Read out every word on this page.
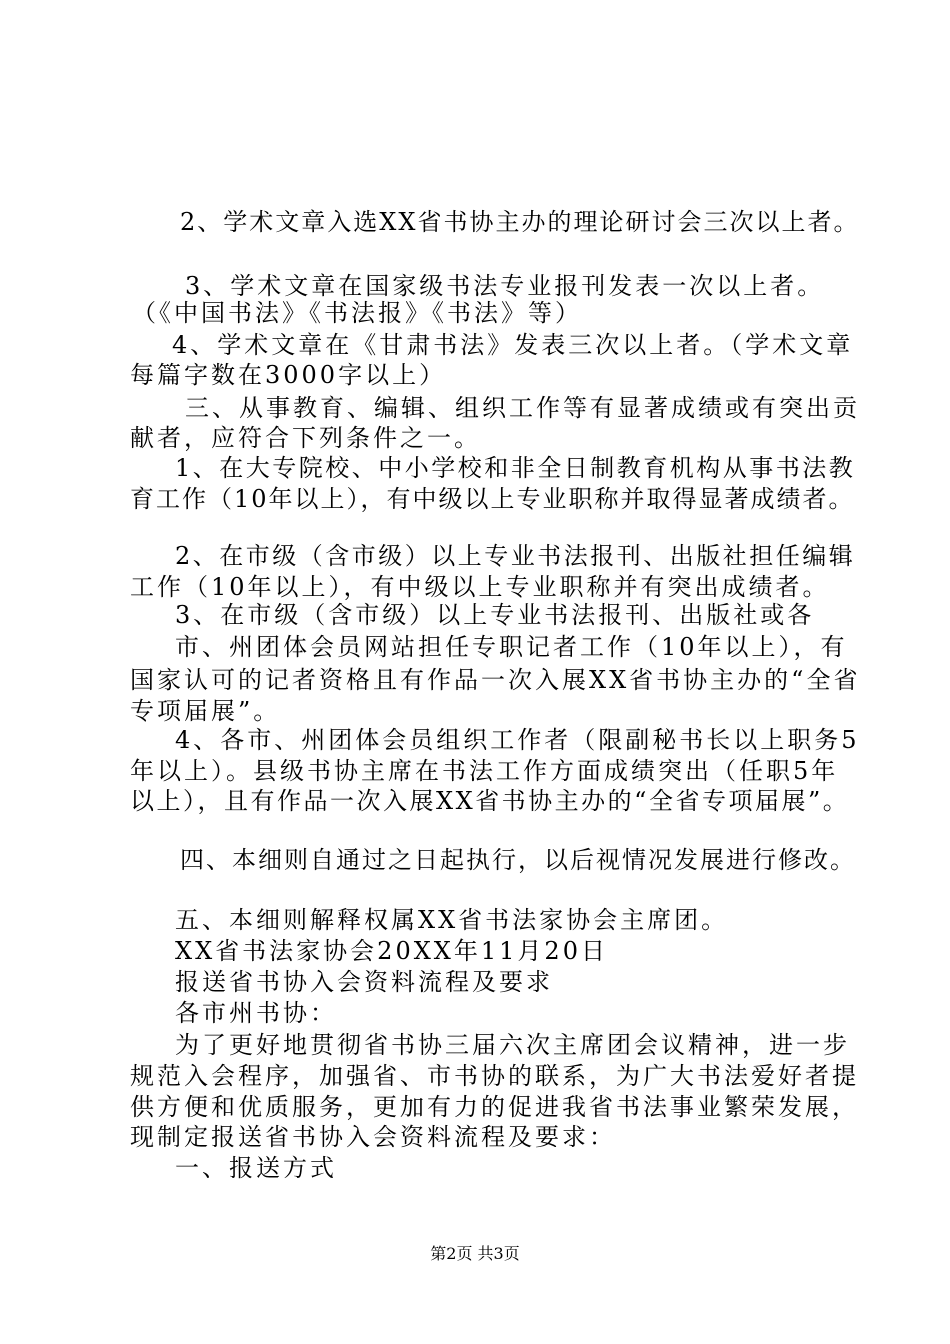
2、学术文章入选XX省书协主办的理论研讨会三次以上者。
3、学术文章在国家级书法专业报刊发表一次以上者。
（《中国书法》《书法报》《书法》等）
4、学术文章在《甘肃书法》发表三次以上者。（学术文章
每篇字数在3000字以上）
三、从事教育、编辑、组织工作等有显著成绩或有突出贡
献者，应符合下列条件之一。
1、在大专院校、中小学校和非全日制教育机构从事书法教
育工作（10年以上），有中级以上专业职称并取得显著成绩者。
2、在市级（含市级）以上专业书法报刊、出版社担任编辑
工作（10年以上），有中级以上专业职称并有突出成绩者。
3、在市级（含市级）以上专业书法报刊、出版社或各
市、州团体会员网站担任专职记者工作（10年以上），有
国家认可的记者资格且有作品一次入展XX省书协主办的“全省
专项届展”。
4、各市、州团体会员组织工作者（限副秘书长以上职务5
年以上）。县级书协主席在书法工作方面成绩突出（任职5年
以上），且有作品一次入展XX省书协主办的“全省专项届展”。
四、本细则自通过之日起执行，以后视情况发展进行修改。
五、本细则解释权属XX省书法家协会主席团。
XX省书法家协会20XX年11月20日
报送省书协入会资料流程及要求
各市州书协：
为了更好地贯彻省书协三届六次主席团会议精神，进一步
规范入会程序，加强省、市书协的联系，为广大书法爱好者提
供方便和优质服务，更加有力的促进我省书法事业繁荣发展，
现制定报送省书协入会资料流程及要求：
一、报送方式
第2页 共3页
